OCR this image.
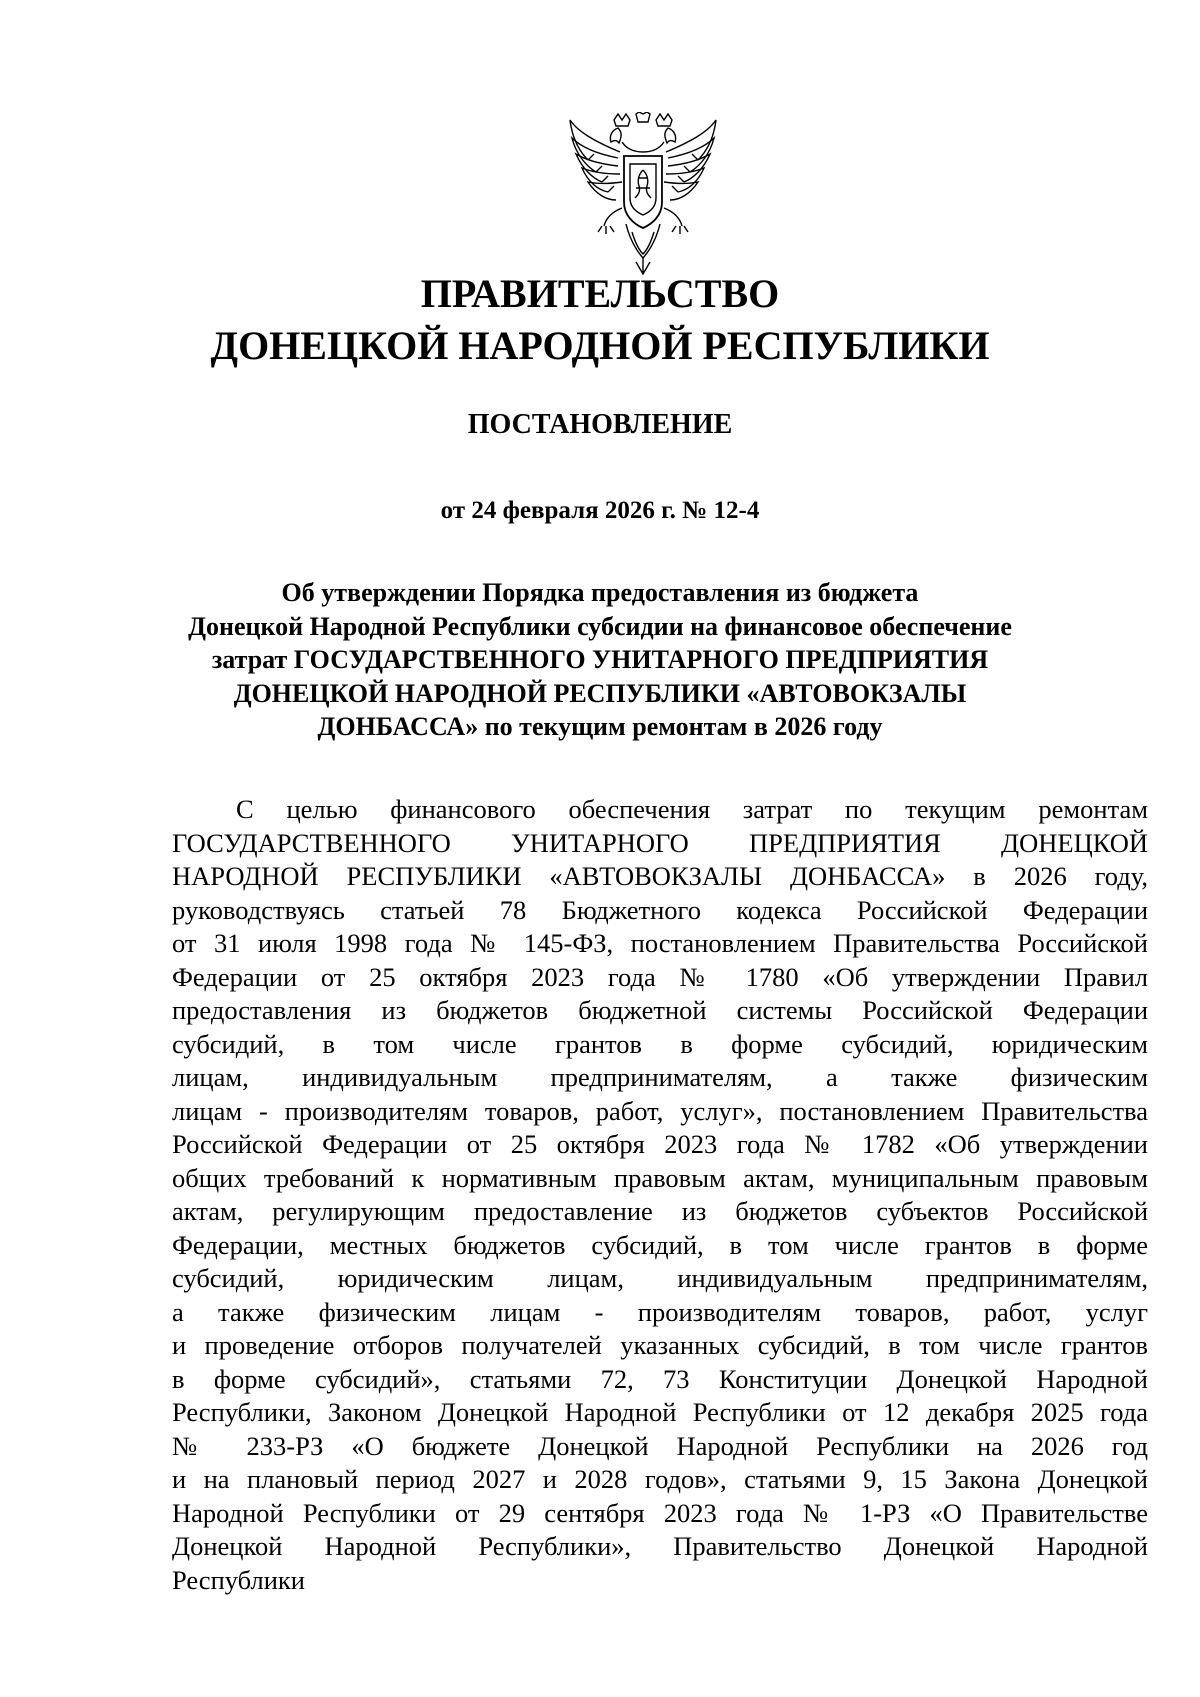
ПРАВИТЕЛЬСТВО
ДОНЕЦКОЙ НАРОДНОЙ РЕСПУБЛИКИ
ПОСТАНОВЛЕНИЕ

от 24 февраля 2026 г. № 12-4

Об утверждении Порядка предоставления из бюджета
Донецкой Народной Республики субсидии на финансовое обеспечение
затрат ГОСУДАРСТВЕННОГО УНИТАРНОГО ПРЕДПРИЯТИЯ
ДОНЕЦКОЙ НАРОДНОЙ РЕСПУБЛИКИ «АВТОВОКЗАЛЫ
ДОНБАССА» по текущим ремонтам в 2026 году
С целью финансового обеспечения затрат по текущим ремонтам
ГОСУДАРСТВЕННОГО УНИТАРНОГО ПРЕДПРИЯТИЯ ДОНЕЦКОЙ
НАРОДНОЙ РЕСПУБЛИКИ «АВТОВОКЗАЛЫ ДОНБАССА» в 2026 году,
руководствуясь статьей 78 Бюджетного кодекса Российской Федерации
от 31 июля 1998 года № 145-ФЗ, постановлением Правительства Российской
Федерации от 25 октября 2023 года № 1780 «Об утверждении Правил
предоставления из бюджетов бюджетной системы Российской Федерации
субсидий, в том числе грантов в форме субсидий, юридическим
лицам, индивидуальным предпринимателям, а также физическим
лицам - производителям товаров, работ, услуг», постановлением Правительства
Российской Федерации от 25 октября 2023 года № 1782 «Об утверждении
общих требований к нормативным правовым актам, муниципальным правовым
актам, регулирующим предоставление из бюджетов субъектов Российской
Федерации, местных бюджетов субсидий, в том числе грантов в форме
субсидий, юридическим лицам, индивидуальным предпринимателям,
а также физическим лицам - производителям товаров, работ, услуг
и проведение отборов получателей указанных субсидий, в том числе грантов
в форме субсидий», статьями 72, 73 Конституции Донецкой Народной
Республики, Законом Донецкой Народной Республики от 12 декабря 2025 года
№ 233-РЗ «О бюджете Донецкой Народной Республики на 2026 год
и на плановый период 2027 и 2028 годов», статьями 9, 15 Закона Донецкой
Народной Республики от 29 сентября 2023 года № 1-РЗ «О Правительстве
Донецкой Народной Республики», Правительство Донецкой Народной
Республики
